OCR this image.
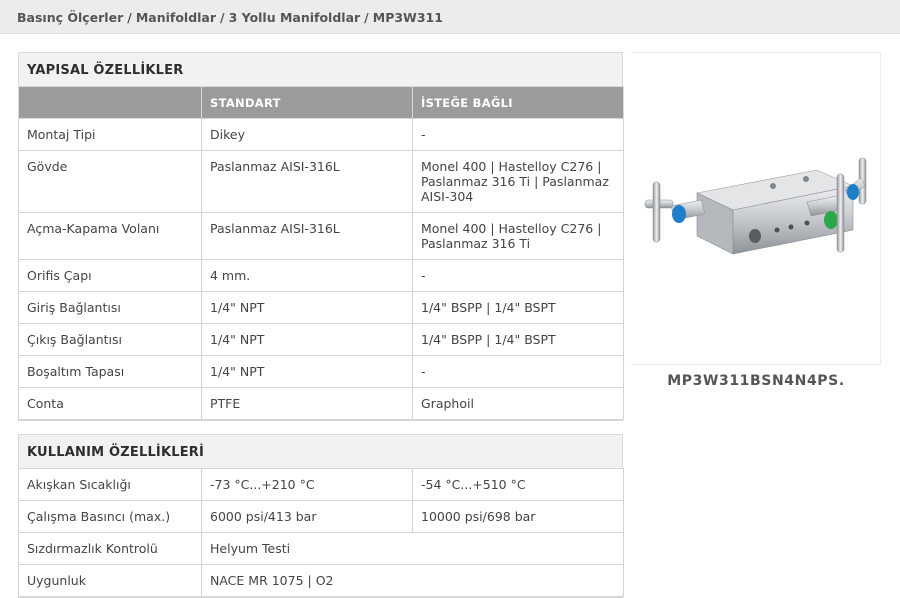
Basınç Ölçerler / Manifoldlar / 3 Yollu Manifoldlar / MP3W311
YAPISAL ÖZELLİKLER
	STANDART	İSTEĞE BAĞLI
Montaj Tipi	Dikey	-
Gövde	Paslanmaz AISI-316L	Monel 400 | Hastelloy C276 | Paslanmaz 316 Ti | Paslanmaz AISI-304
Açma-Kapama Volanı	Paslanmaz AISI-316L	Monel 400 | Hastelloy C276 | Paslanmaz 316 Ti
Orifis Çapı	4 mm.	-
Giriş Bağlantısı	1/4" NPT	1/4" BSPP | 1/4" BSPT
Çıkış Bağlantısı	1/4" NPT	1/4" BSPP | 1/4" BSPT
Boşaltım Tapası	1/4" NPT	-
Conta	PTFE	Graphoil
KULLANIM ÖZELLİKLERİ
Akışkan Sıcaklığı	-73 °C...+210 °C	-54 °C...+510 °C
Çalışma Basıncı (max.)	6000 psi/413 bar	10000 psi/698 bar
Sızdırmazlık Kontrolü	Helyum Testi	
Uygunluk	NACE MR 1075 | O2	
MP3W311BSN4N4PS.
